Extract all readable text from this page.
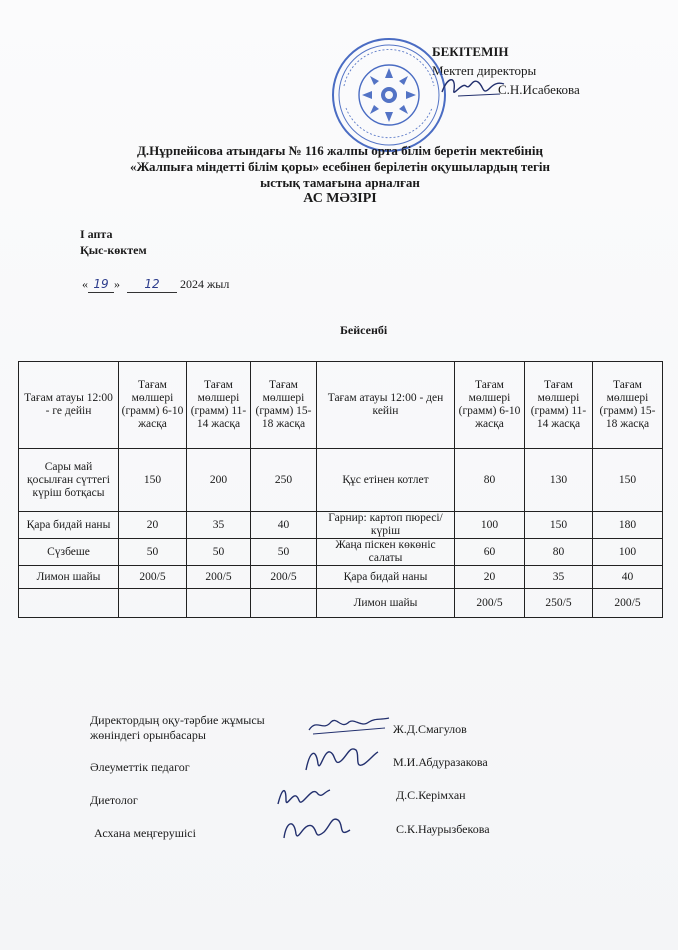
БЕКІТЕМІН
Мектеп директоры
С.Н.Исабекова
Д.Нұрпейісова атындағы № 116 жалпы орта білім беретін мектебінің
«Жалпыға міндетті білім қоры» есебінен берілетін оқушылардың тегін
ыстық тамағына арналған
АС МӘЗІРІ
І апта
Қыс-көктем
« 19 » 12 2024 жыл
Бейсенбі
Тағам атауы 12:00 - ге дейін	Тағам мөлшері (грамм) 6-10 жасқа	Тағам мөлшері (грамм) 11-14 жасқа	Тағам мөлшері (грамм) 15-18 жасқа	Тағам атауы 12:00 - ден кейін	Тағам мөлшері (грамм) 6-10 жасқа	Тағам мөлшері (грамм) 11-14 жасқа	Тағам мөлшері (грамм) 15-18 жасқа
Сары май қосылған сүттегі күріш ботқасы	150	200	250	Құс етінен котлет	80	130	150
Қара бидай наны	20	35	40	Гарнир: картоп пюресі/ күріш	100	150	180
Сүзбеше	50	50	50	Жаңа піскен көкөніс салаты	60	80	100
Лимон шайы	200/5	200/5	200/5	Қара бидай наны	20	35	40
				Лимон шайы	200/5	250/5	200/5
Директордың оқу-тәрбие жұмысы
жөніндегі орынбасары	Ж.Д.Смагулов
Әлеуметтік педагог	М.И.Абдуразакова
Диетолог	Д.С.Керімхан
Асхана меңгерушісі	С.К.Наурызбекова
